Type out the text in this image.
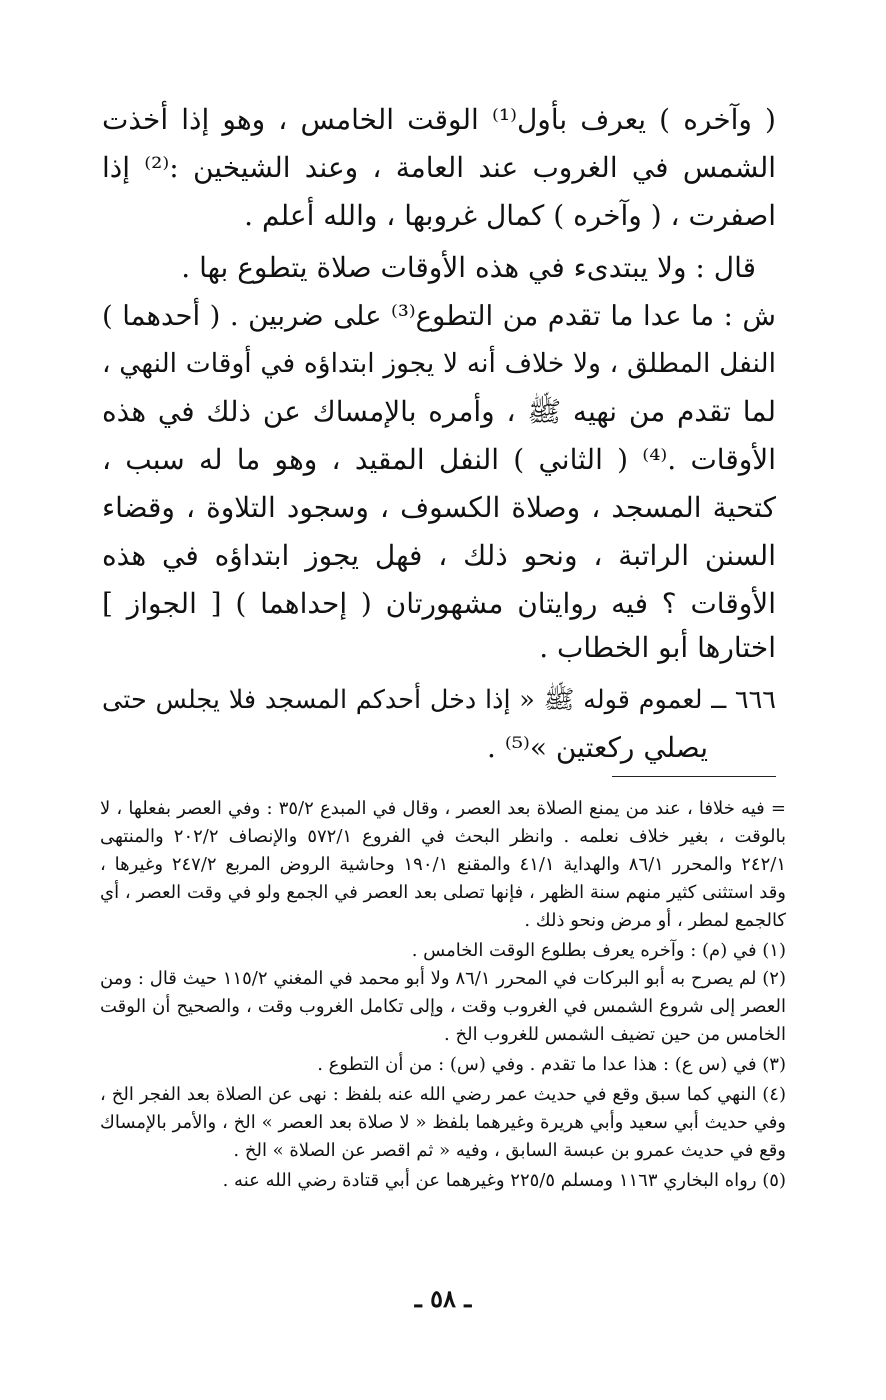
( وآخره ) يعرف بأول⁽¹⁾ الوقت الخامس ، وهو إذا أخذت
الشمس في الغروب عند العامة ، وعند الشيخين :⁽²⁾ إذا
اصفرت ، ( وآخره ) كمال غروبها ، والله أعلم .
قال : ولا يبتدىء في هذه الأوقات صلاة يتطوع بها .
ش : ما عدا ما تقدم من التطوع⁽³⁾ على ضربين . ( أحدهما )
النفل المطلق ، ولا خلاف أنه لا يجوز ابتداؤه في أوقات النهي ،
لما تقدم من نهيه ﷺ ، وأمره بالإمساك عن ذلك في هذه
الأوقات .⁽⁴⁾ ( الثاني ) النفل المقيد ، وهو ما له سبب ،
كتحية المسجد ، وصلاة الكسوف ، وسجود التلاوة ، وقضاء
السنن الراتبة ، ونحو ذلك ، فهل يجوز ابتداؤه في هذه
الأوقات ؟ فيه روايتان مشهورتان ( إحداهما ) [ الجواز ]
اختارها أبو الخطاب .
٦٦٦ ــ لعموم قوله ﷺ « إذا دخل أحدكم المسجد فلا يجلس حتى
يصلي ركعتين »⁽⁵⁾ .
= فيه خلافا ، عند من يمنع الصلاة بعد العصر ، وقال في المبدع ٣٥/٢ : وفي العصر بفعلها ، لا
بالوقت ، بغير خلاف نعلمه . وانظر البحث في الفروع ٥٧٢/١ والإنصاف ٢٠٢/٢ والمنتهى
٢٤٢/١ والمحرر ٨٦/١ والهداية ٤١/١ والمقنع ١٩٠/١ وحاشية الروض المربع ٢٤٧/٢ وغيرها ،
وقد استثنى كثير منهم سنة الظهر ، فإنها تصلى بعد العصر في الجمع ولو في وقت العصر ، أي
كالجمع لمطر ، أو مرض ونحو ذلك .
(١) في (م) : وآخره يعرف بطلوع الوقت الخامس .
(٢) لم يصرح به أبو البركات في المحرر ٨٦/١ ولا أبو محمد في المغني ١١٥/٢ حيث قال : ومن
العصر إلى شروع الشمس في الغروب وقت ، وإلى تكامل الغروب وقت ، والصحيح أن الوقت
الخامس من حين تضيف الشمس للغروب الخ .
(٣) في (س ع) : هذا عدا ما تقدم . وفي (س) : من أن التطوع .
(٤) النهي كما سبق وقع في حديث عمر رضي الله عنه بلفظ : نهى عن الصلاة بعد الفجر الخ ،
وفي حديث أبي سعيد وأبي هريرة وغيرهما بلفظ « لا صلاة بعد العصر » الخ ، والأمر بالإمساك
وقع في حديث عمرو بن عبسة السابق ، وفيه « ثم اقصر عن الصلاة » الخ .
(٥) رواه البخاري ١١٦٣ ومسلم ٢٢٥/٥ وغيرهما عن أبي قتادة رضي الله عنه .
ـ ٥٨ ـ
